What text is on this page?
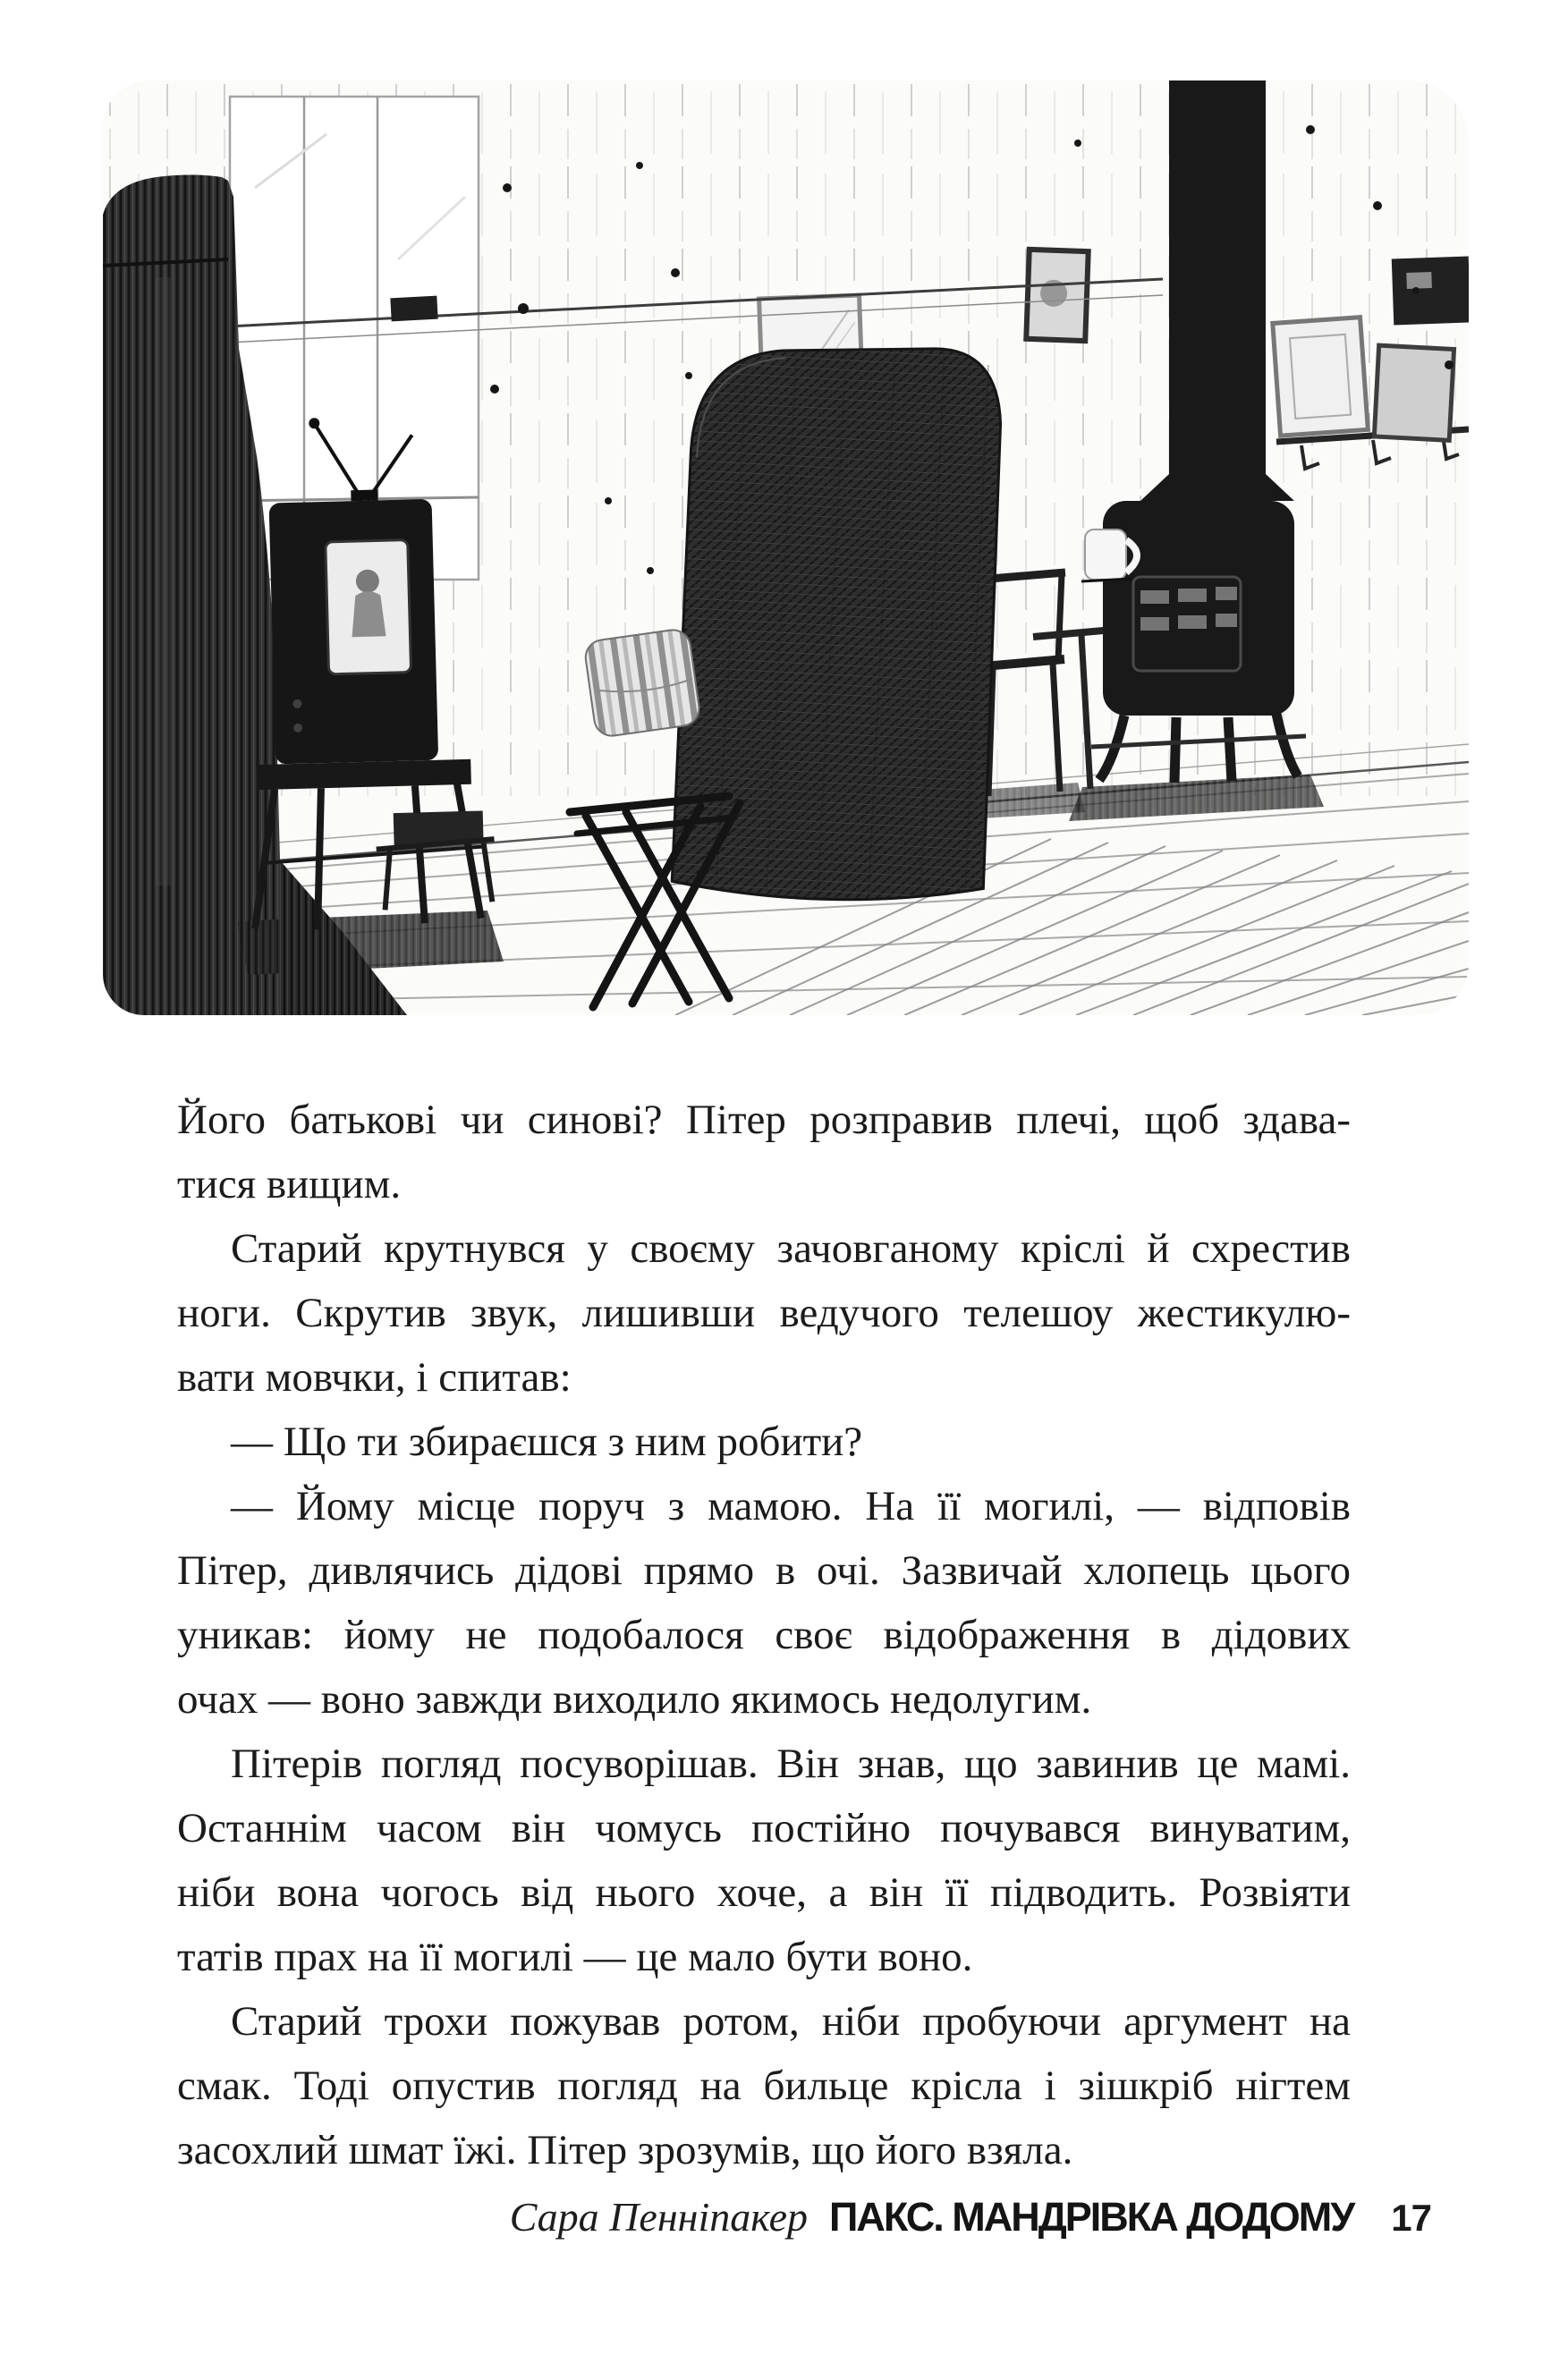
Його батькові чи синові? Пітер розправив плечі, щоб здава-
тися вищим.
Старий крутнувся у своєму зачовганому кріслі й схрестив
ноги. Скрутив звук, лишивши ведучого телешоу жестикулю-
вати мовчки, і спитав:
— Що ти збираєшся з ним робити?
— Йому місце поруч з мамою. На її могилі, — відповів
Пітер, дивлячись дідові прямо в очі. Зазвичай хлопець цього
уникав: йому не подобалося своє відображення в дідових
очах — воно завжди виходило якимось недолугим.
Пітерів погляд посуворішав. Він знав, що завинив це мамі.
Останнім часом він чомусь постійно почувався винуватим,
ніби вона чогось від нього хоче, а він її підводить. Розвіяти
татів прах на її могилі — це мало бути воно.
Старий трохи пожував ротом, ніби пробуючи аргумент на
смак. Тоді опустив погляд на бильце крісла і зішкріб нігтем
засохлий шмат їжі. Пітер зрозумів, що його взяла.
Сара Пенніпакер ПАКС. МАНДРІВКА ДОДОМУ 17
